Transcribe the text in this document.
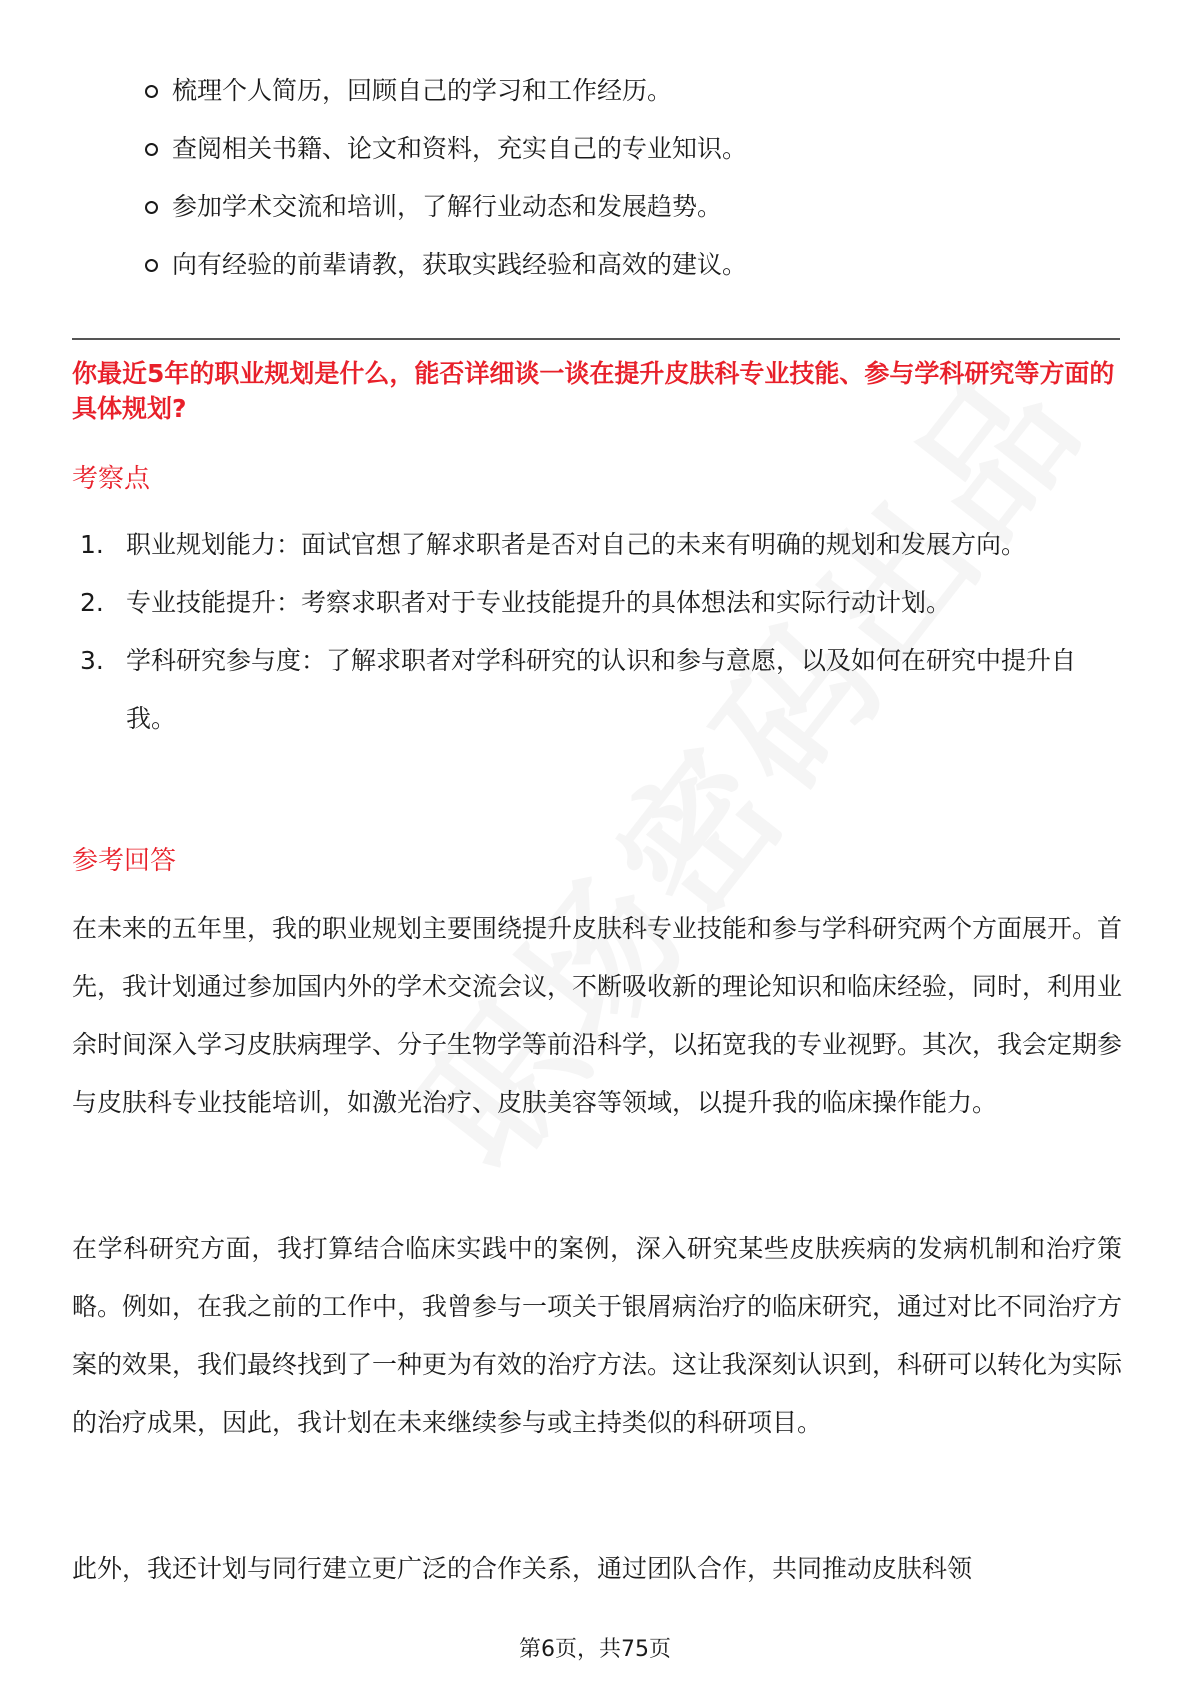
梳理个人简历，回顾自己的学习和工作经历。
查阅相关书籍、论文和资料，充实自己的专业知识。
参加学术交流和培训，了解行业动态和发展趋势。
向有经验的前辈请教，获取实践经验和高效的建议。
你最近5年的职业规划是什么，能否详细谈一谈在提升皮肤科专业技能、参与学科研究等方面的具体规划?
考察点
1. 职业规划能力：面试官想了解求职者是否对自己的未来有明确的规划和发展方向。
2. 专业技能提升：考察求职者对于专业技能提升的具体想法和实际行动计划。
3. 学科研究参与度：了解求职者对学科研究的认识和参与意愿，以及如何在研究中提升自我。
参考回答
在未来的五年里，我的职业规划主要围绕提升皮肤科专业技能和参与学科研究两个方面展开。首先，我计划通过参加国内外的学术交流会议，不断吸收新的理论知识和临床经验，同时，利用业余时间深入学习皮肤病理学、分子生物学等前沿科学，以拓宽我的专业视野。其次，我会定期参与皮肤科专业技能培训，如激光治疗、皮肤美容等领域，以提升我的临床操作能力。
在学科研究方面，我打算结合临床实践中的案例，深入研究某些皮肤疾病的发病机制和治疗策略。例如，在我之前的工作中，我曾参与一项关于银屑病治疗的临床研究，通过对比不同治疗方案的效果，我们最终找到了一种更为有效的治疗方法。这让我深刻认识到，科研可以转化为实际的治疗成果，因此，我计划在未来继续参与或主持类似的科研项目。
此外，我还计划与同行建立更广泛的合作关系，通过团队合作，共同推动皮肤科领
第6页，共75页
